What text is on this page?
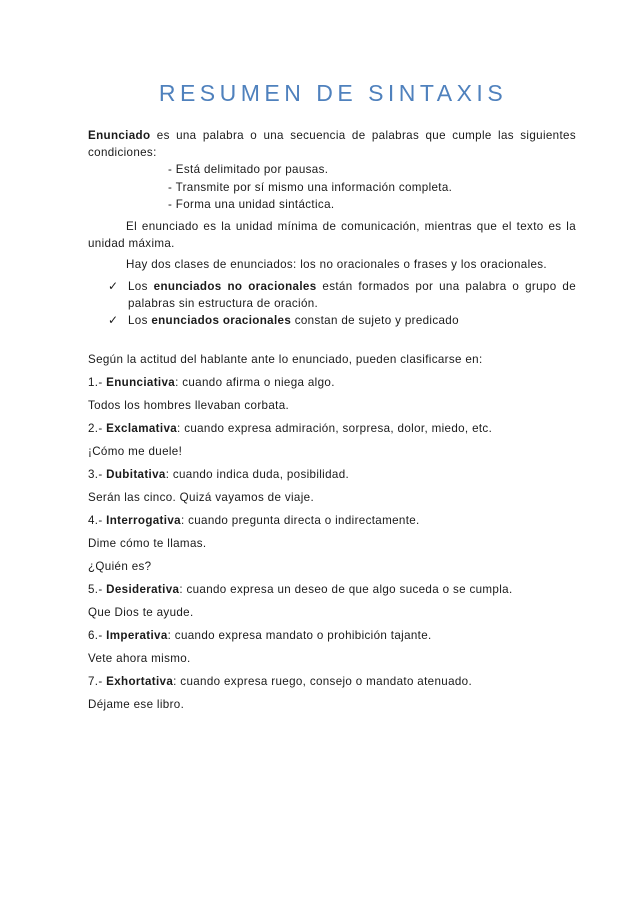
RESUMEN DE SINTAXIS

Enunciado es una palabra o una secuencia de palabras que cumple las siguientes condiciones:

- Está delimitado por pausas.
- Transmite por sí mismo una información completa.
- Forma una unidad sintáctica.

El enunciado es la unidad mínima de comunicación, mientras que el texto es la unidad máxima.

Hay dos clases de enunciados: los no oracionales o frases y los oracionales.

✓ Los enunciados no oracionales están formados por una palabra o grupo de palabras sin estructura de oración.
✓ Los enunciados oracionales constan de sujeto y predicado

Según la actitud del hablante ante lo enunciado, pueden clasificarse en:

1.- Enunciativa: cuando afirma o niega algo.

Todos los hombres llevaban corbata.

2.- Exclamativa: cuando expresa admiración, sorpresa, dolor, miedo, etc.

¡Cómo me duele!

3.- Dubitativa: cuando indica duda, posibilidad.

Serán las cinco. Quizá vayamos de viaje.

4.- Interrogativa: cuando pregunta directa o indirectamente.

Dime cómo te llamas.

¿Quién es?

5.- Desiderativa: cuando expresa un deseo de que algo suceda o se cumpla.

Que Dios te ayude.

6.- Imperativa: cuando expresa mandato o prohibición tajante.

Vete ahora mismo.

7.- Exhortativa: cuando expresa ruego, consejo o mandato atenuado.

Déjame ese libro.
